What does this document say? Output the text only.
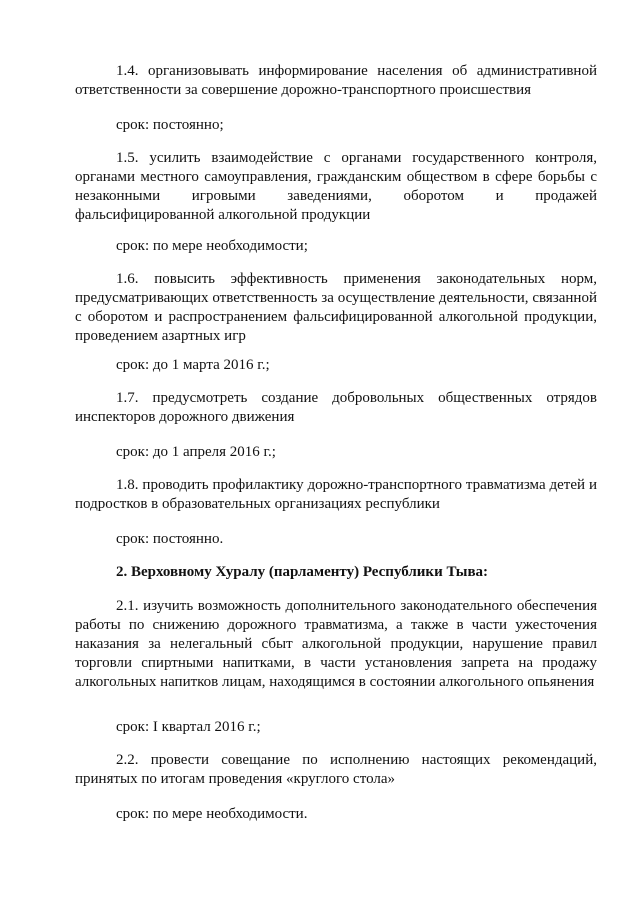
1.4. организовывать информирование населения об административной ответственности за совершение дорожно-транспортного происшествия

срок: постоянно;

1.5. усилить взаимодействие с органами государственного контроля, органами местного самоуправления, гражданским обществом в сфере борьбы с незаконными игровыми заведениями, оборотом и продажей фальсифицированной алкогольной продукции

срок: по мере необходимости;

1.6. повысить эффективность применения законодательных норм, предусматривающих ответственность за осуществление деятельности, связанной с оборотом и распространением фальсифицированной алкогольной продукции, проведением азартных игр

срок: до 1 марта 2016 г.;

1.7. предусмотреть создание добровольных общественных отрядов инспекторов дорожного движения

срок: до 1 апреля 2016 г.;

1.8. проводить профилактику дорожно-транспортного травматизма детей и подростков в образовательных организациях республики

срок: постоянно.

2. Верховному Хуралу (парламенту) Республики Тыва:

2.1. изучить возможность дополнительного законодательного обеспечения работы по снижению дорожного травматизма, а также в части ужесточения наказания за нелегальный сбыт алкогольной продукции, нарушение правил торговли спиртными напитками, в части установления запрета на продажу алкогольных напитков лицам, находящимся в состоянии алкогольного опьянения

срок: I квартал 2016 г.;

2.2. провести совещание по исполнению настоящих рекомендаций, принятых по итогам проведения «круглого стола»

срок: по мере необходимости.
